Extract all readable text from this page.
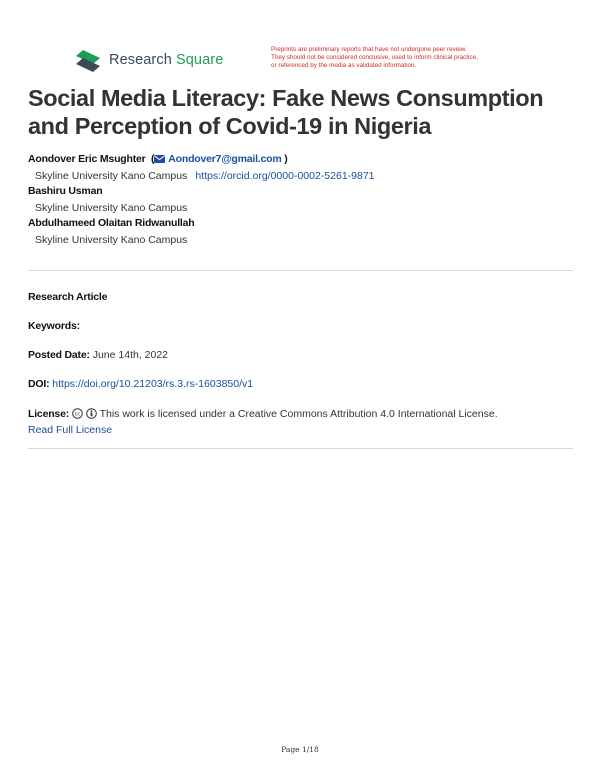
Research Square
Preprints are preliminary reports that have not undergone peer review.
They should not be considered conclusive, used to inform clinical practice,
or referenced by the media as validated information.
Social Media Literacy: Fake News Consumption and Perception of Covid-19 in Nigeria
Aondover Eric Msughter  ( Aondover7@gmail.com )
Skyline University Kano Campus https://orcid.org/0000-0002-5261-9871
Bashiru Usman
Skyline University Kano Campus
Abdulhameed Olaitan Ridwanullah
Skyline University Kano Campus
Research Article
Keywords:
Posted Date: June 14th, 2022
DOI: https://doi.org/10.21203/rs.3.rs-1603850/v1
License: cc This work is licensed under a Creative Commons Attribution 4.0 International License.
Read Full License
Page 1/18
